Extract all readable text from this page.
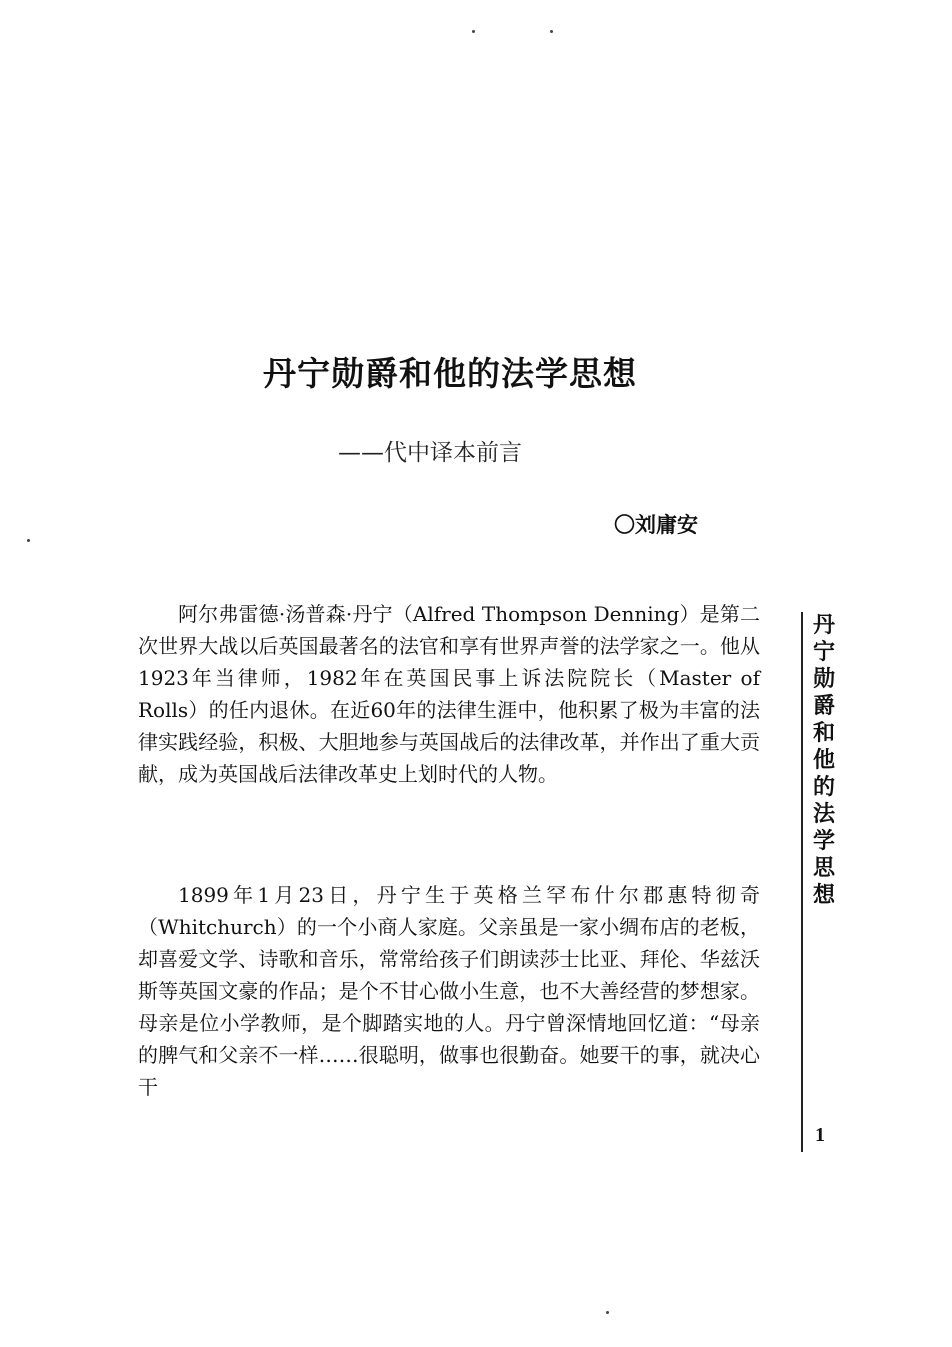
丹宁勋爵和他的法学思想
——代中译本前言
〇刘庸安

阿尔弗雷德·汤普森·丹宁（Alfred Thompson Denning）是第二次世界大战以后英国最著名的法官和享有世界声誉的法学家之一。他从1923年当律师，1982年在英国民事上诉法院院长（Master of Rolls）的任内退休。在近60年的法律生涯中，他积累了极为丰富的法律实践经验，积极、大胆地参与英国战后的法律改革，并作出了重大贡献，成为英国战后法律改革史上划时代的人物。

1899年1月23日，丹宁生于英格兰罕布什尔郡惠特彻奇（Whitchurch）的一个小商人家庭。父亲虽是一家小绸布店的老板，却喜爱文学、诗歌和音乐，常常给孩子们朗读莎士比亚、拜伦、华兹沃斯等英国文豪的作品；是个不甘心做小生意，也不大善经营的梦想家。母亲是位小学教师，是个脚踏实地的人。丹宁曾深情地回忆道：“母亲的脾气和父亲不一样……很聪明，做事也很勤奋。她要干的事，就决心干

丹宁勋爵和他的法学思想
1
